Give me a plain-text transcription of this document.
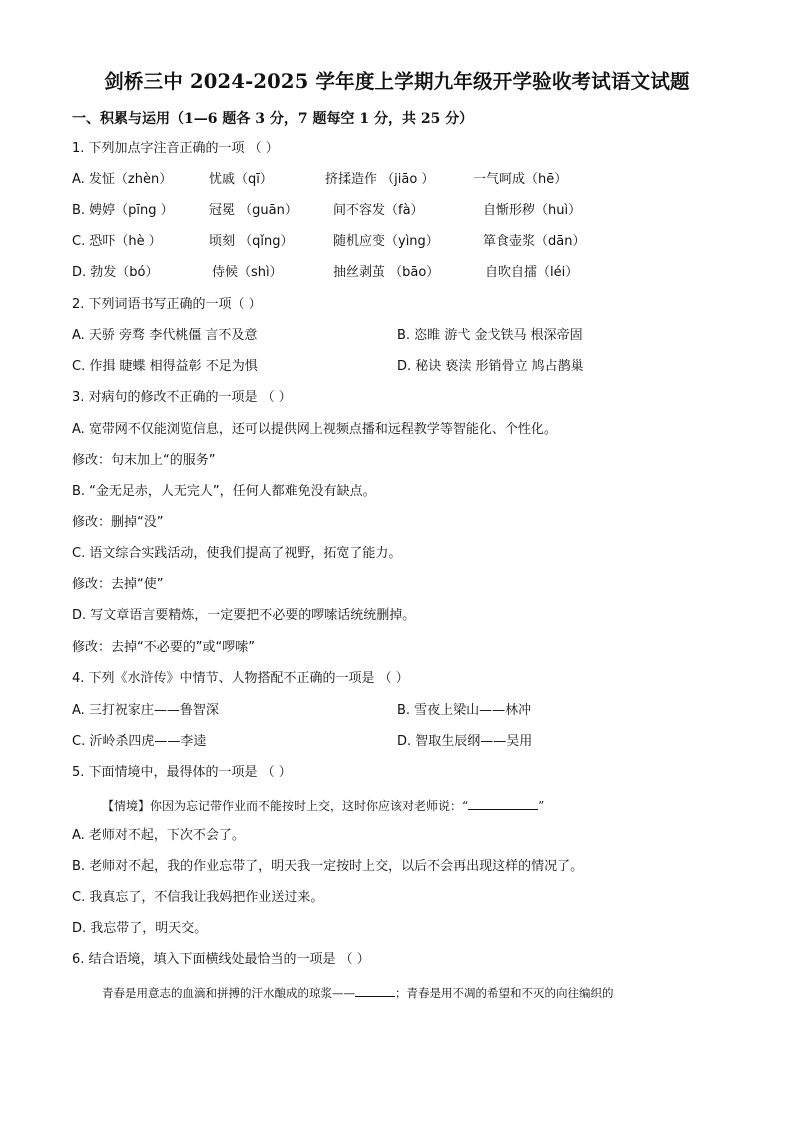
剑桥三中 2024-2025 学年度上学期九年级开学验收考试语文试题
一、积累与运用（1—6 题各 3 分，7 题每空 1 分，共 25 分）
1. 下列加点字注音正确的一项 （ ）
A. 发怔（zhèn）	忧戚（qī）	挤揉造作 （jiāo ）	一气呵成（hē）
B. 娉婷（pīng ）	冠冕 （guān）	间不容发（fà）	自惭形秽（huì）
C. 恐吓（hè ）	顷刻 （qǐng）	随机应变（yìng）	箪食壶浆（dān）
D. 勃发（bó）	侍候（shì）	抽丝剥茧 （bāo）	自吹自擂（léi）
2. 下列词语书写正确的一项（ ）
A. 天骄 旁骛 李代桃僵 言不及意	B. 恣睢 游弋 金戈铁马 根深帝固
C. 作揖 睫蝶 相得益彰 不足为惧	D. 秘诀 亵渎 形销骨立 鸠占鹊巢
3. 对病句的修改不正确的一项是 （ ）
A. 宽带网不仅能浏览信息，还可以提供网上视频点播和远程教学等智能化、个性化。
修改：句末加上“的服务”
B. “金无足赤，人无完人”，任何人都难免没有缺点。
修改：删掉“没”
C. 语文综合实践活动，使我们提高了视野，拓宽了能力。
修改：去掉“使”
D. 写文章语言要精炼，一定要把不必要的啰嗦话统统删掉。
修改：去掉“不必要的”或“啰嗦”
4. 下列《水浒传》中情节、人物搭配不正确的一项是 （ ）
A. 三打祝家庄——鲁智深	B. 雪夜上梁山——林冲
C. 沂岭杀四虎——李逵	D. 智取生辰纲——吴用
5. 下面情境中，最得体的一项是 （ ）
【情境】你因为忘记带作业而不能按时上交，这时你应该对老师说：“	”
A. 老师对不起，下次不会了。
B. 老师对不起，我的作业忘带了，明天我一定按时上交，以后不会再出现这样的情况了。
C. 我真忘了，不信我让我妈把作业送过来。
D. 我忘带了，明天交。
6. 结合语境，填入下面横线处最恰当的一项是 （ ）
青春是用意志的血滴和拼搏的汗水酿成的琼浆——	；青春是用不凋的希望和不灭的向往编织的
